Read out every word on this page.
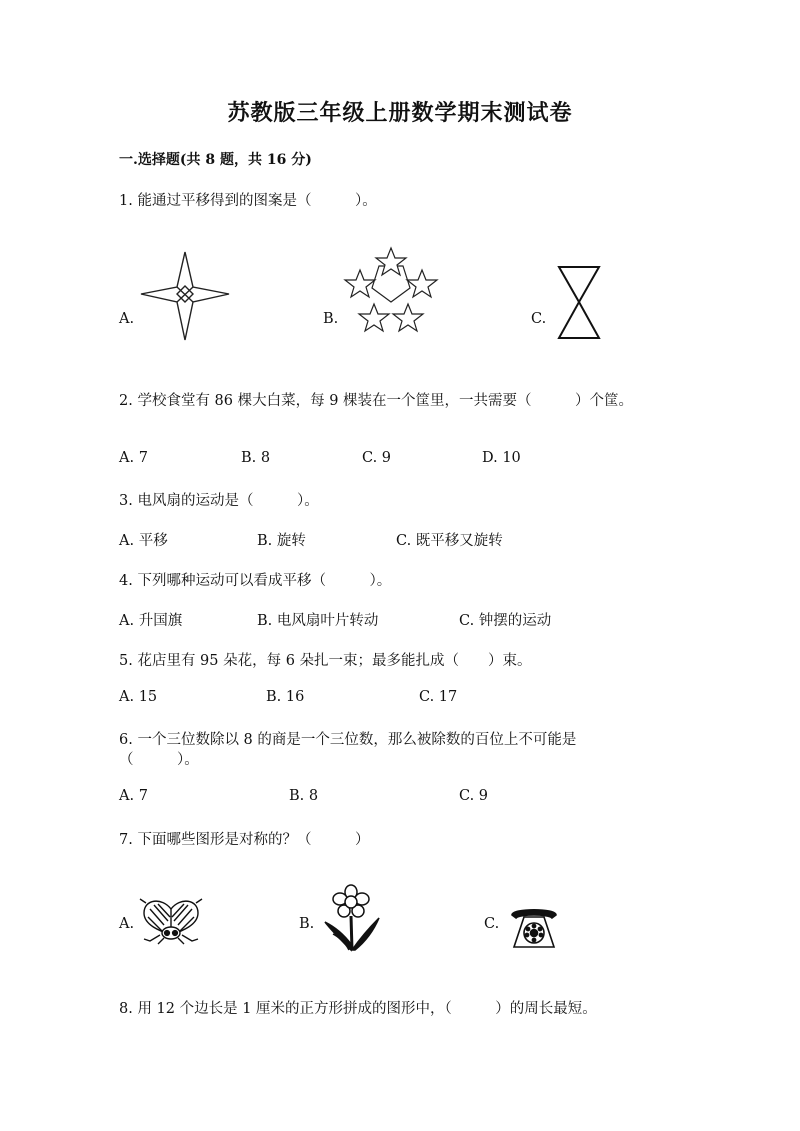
苏教版三年级上册数学期末测试卷
一.选择题(共 8 题，共 16 分)
1. 能通过平移得到的图案是（　　　）。
A.	B.	C.
2. 学校食堂有 86 棵大白菜，每 9 棵装在一个筐里，一共需要（　　　）个筐。
A. 7	B. 8	C. 9	D. 10
3. 电风扇的运动是（　　　）。
A. 平移	B. 旋转	C. 既平移又旋转
4. 下列哪种运动可以看成平移（　　　）。
A. 升国旗	B. 电风扇叶片转动	C. 钟摆的运动
5. 花店里有 95 朵花，每 6 朵扎一束；最多能扎成（　　）束。
A. 15	B. 16	C. 17
6. 一个三位数除以 8 的商是一个三位数，那么被除数的百位上不可能是
（　　　）。
A. 7	B. 8	C. 9
7. 下面哪些图形是对称的？（　　　）
A.	B.	C.
8. 用 12 个边长是 1 厘米的正方形拼成的图形中，（　　　）的周长最短。
